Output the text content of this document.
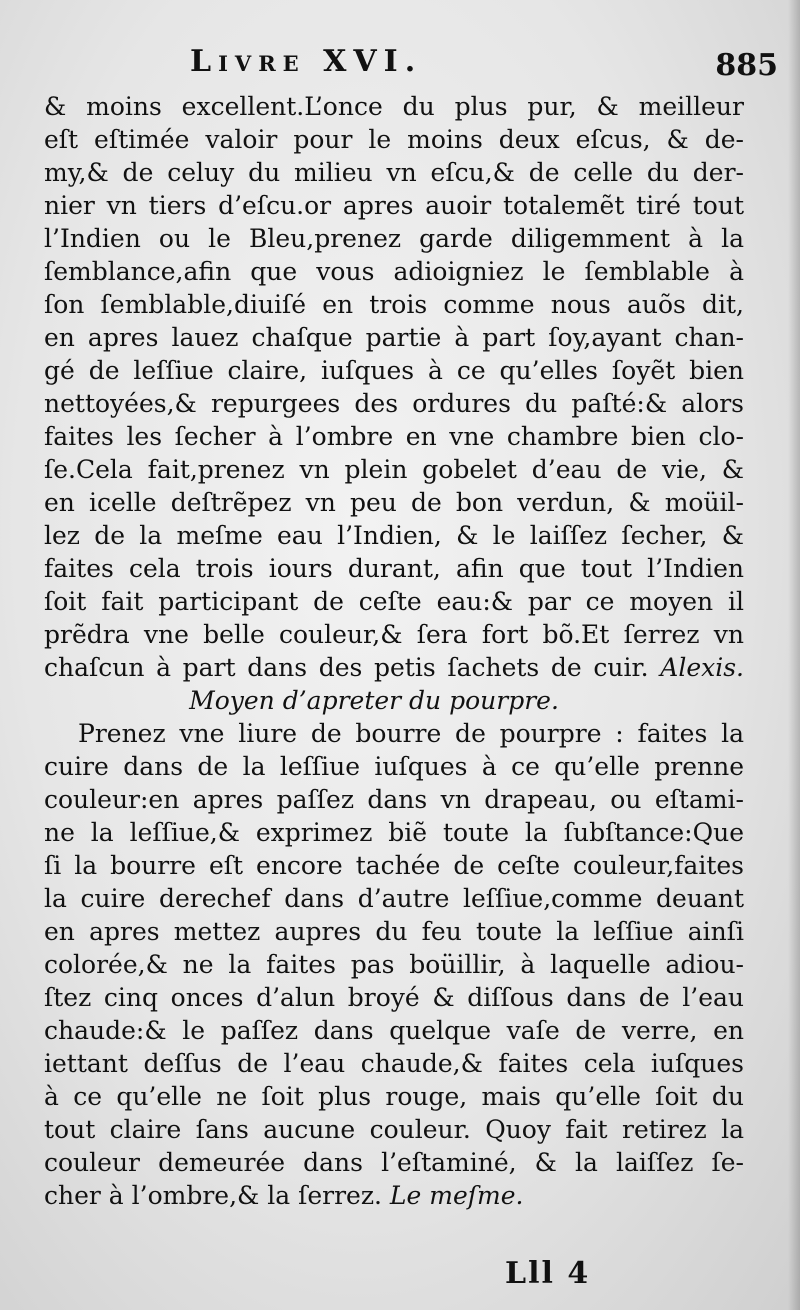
Livre XVI.	885
& moins excellent.L’once du plus pur, & meilleur
eſt eſtimée valoir pour le moins deux eſcus, & de-
my,& de celuy du milieu vn eſcu,& de celle du der-
nier vn tiers d’eſcu.or apres auoir totalemẽt tiré tout
l’Indien ou le Bleu,prenez garde diligemment à la
ſemblance,afin que vous adioigniez le ſemblable à
ſon ſemblable,diuiſé en trois comme nous auõs dit,
en apres lauez chaſque partie à part ſoy,ayant chan-
gé de leſſiue claire, iuſques à ce qu’elles ſoyẽt bien
nettoyées,& repurgees des ordures du paſté:& alors
faites les ſecher à l’ombre en vne chambre bien clo-
ſe.Cela fait,prenez vn plein gobelet d’eau de vie, &
en icelle deſtrẽpez vn peu de bon verdun, & moüil-
lez de la meſme eau l’Indien, & le laiſſez ſecher, &
faites cela trois iours durant, afin que tout l’Indien
ſoit fait participant de ceſte eau:& par ce moyen il
prẽdra vne belle couleur,& ſera fort bõ.Et ſerrez vn
chaſcun à part dans des petis ſachets de cuir. Alexis.
Moyen d’apreter du pourpre.
Prenez vne liure de bourre de pourpre : faites la
cuire dans de la leſſiue iuſques à ce qu’elle prenne
couleur:en apres paſſez dans vn drapeau, ou eſtami-
ne la leſſiue,& exprimez biẽ toute la ſubſtance:Que
ſi la bourre eſt encore tachée de ceſte couleur,faites
la cuire derechef dans d’autre leſſiue,comme deuant
en apres mettez aupres du feu toute la leſſiue ainſi
colorée,& ne la faites pas boüillir, à laquelle adiou-
ſtez cinq onces d’alun broyé & diſſous dans de l’eau
chaude:& le paſſez dans quelque vaſe de verre, en
iettant deſſus de l’eau chaude,& faites cela iuſques
à ce qu’elle ne ſoit plus rouge, mais qu’elle ſoit du
tout claire ſans aucune couleur. Quoy fait retirez la
couleur demeurée dans l’eſtaminé, & la laiſſez ſe-
cher à l’ombre,& la ſerrez. Le meſme.
Lll 4
